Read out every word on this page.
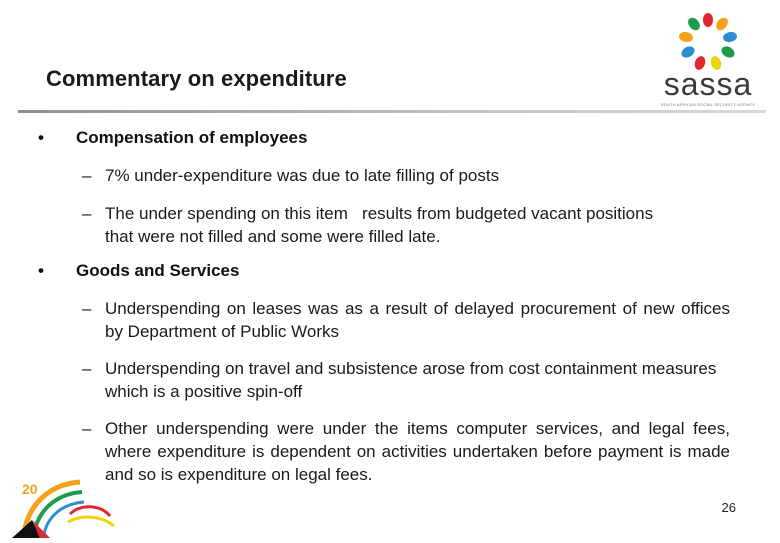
sassa
SOUTH AFRICAN SOCIAL SECURITY AGENCY
Commentary on expenditure
• Compensation of employees
– 7% under-expenditure was due to late filling of posts
– The under spending on this item   results from budgeted vacant positions that were not filled and some were filled late.
• Goods and Services
– Underspending on leases was as a result of delayed procurement of new offices by Department of Public Works
– Underspending on travel and subsistence arose from cost containment measures which is a positive spin-off
– Other underspending were under the items computer services, and legal fees, where expenditure is dependent on activities undertaken before payment is made and so is expenditure on legal fees.
20
26
